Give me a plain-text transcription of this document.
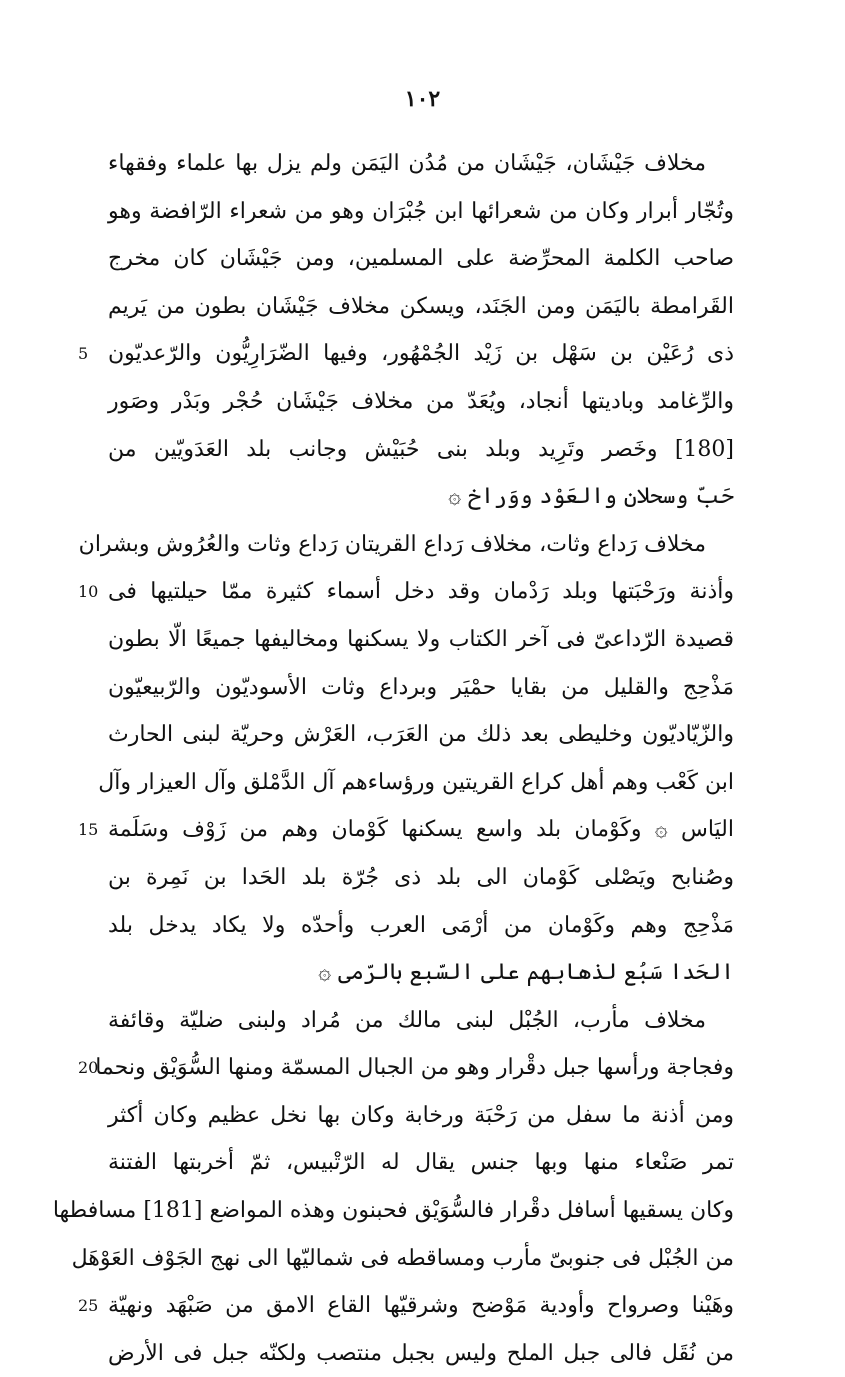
١٠٢
مخلاف جَيْشَان، جَيْشَان من مُدُن اليَمَن ولم يزل بها علماء وفقهاء
وتُجّار أبرار وكان من شعرائها ابن جُبْرَان وهو من شعراء الرّافضة وهو
صاحب الكلمة المحرِّضة على المسلمين، ومن جَيْشَان كان مخرج
القَرامطة باليَمَن ومن الجَنَد، ويسكن مخلاف جَيْشَان بطون من يَريم
ذى رُعَيْن بن سَهْل بن زَيْد الجُمْهُور، وفيها الضّرَارِيُّون والرّعديّون
5
والرِّغامد وباديتها أنجاد، ويُعَدّ من مخلاف جَيْشَان حُجْر وبَدْر وصَور
[180] وخَصر وتَرِيد وبلد بنى حُبَيْش وجانب بلد العَدَويّين من
حَبّ وسحلان والعَوْد ووَراخ ۞
مخلاف رَداع وثات، مخلاف رَداع القريتان رَداع وثات والعُرُوش وبشران
وأذنة ورَحْبَتها وبلد رَدْمان وقد دخل أسماء كثيرة ممّا حيلتيها فى
10
قصيدة الرّداعىّ فى آخر الكتاب ولا يسكنها ومخاليفها جميعًا الّا بطون
مَذْحِج والقليل من بقايا حمْيَر وبرداع وثات الأسوديّون والرّبيعيّون
والزّيّاديّون وخليطى بعد ذلك من العَرَب، العَرْش وحريّة لبنى الحارث
ابن كَعْب وهم أهل كراع القريتين ورؤساءهم آل الدَّمْلق وآل العيزار وآل
اليَاس ۞ وكَوْمان بلد واسع يسكنها كَوْمان وهم من زَوْف وسَلَمة
15
وصُنابح ويَصْلى كَوْمان الى بلد ذى جُرّة بلد الحَدا بن نَمِرة بن
مَذْحِج وهم وكَوْمان من أرْمَى العرب وأحدّه ولا يكاد يدخل بلد
الحَدا سَبُع لذهابهم على السّبع بالرّمى ۞
مخلاف مأرب، الجُبْل لبنى مالك من مُراد ولبنى ضليّة وقائفة
وفجاجة ورأسها جبل دقْرار وهو من الجبال المسمّة ومنها السُّوَيْق ونحما
20
ومن أذنة ما سفل من رَحْبَة ورخابة وكان بها نخل عظيم وكان أكثر
تمر صَنْعاء منها وبها جنس يقال له الرّتْبيس، ثمّ أخربتها الفتنة
وكان يسقيها أسافل دقْرار فالسُّوَيْق فحبنون وهذه المواضع [181] مسافطها
من الجُبْل فى جنوبىّ مأرب ومساقطه فى شماليّها الى نهج الجَوْف العَوْهَل
وهَيْنا وصرواح وأودية مَوْضح وشرقيّها القاع الامق من صَبْهَد ونهيّة
25
من نُقَل فالى جبل الملح وليس بجبل منتصب ولكنّه جبل فى الأرض
